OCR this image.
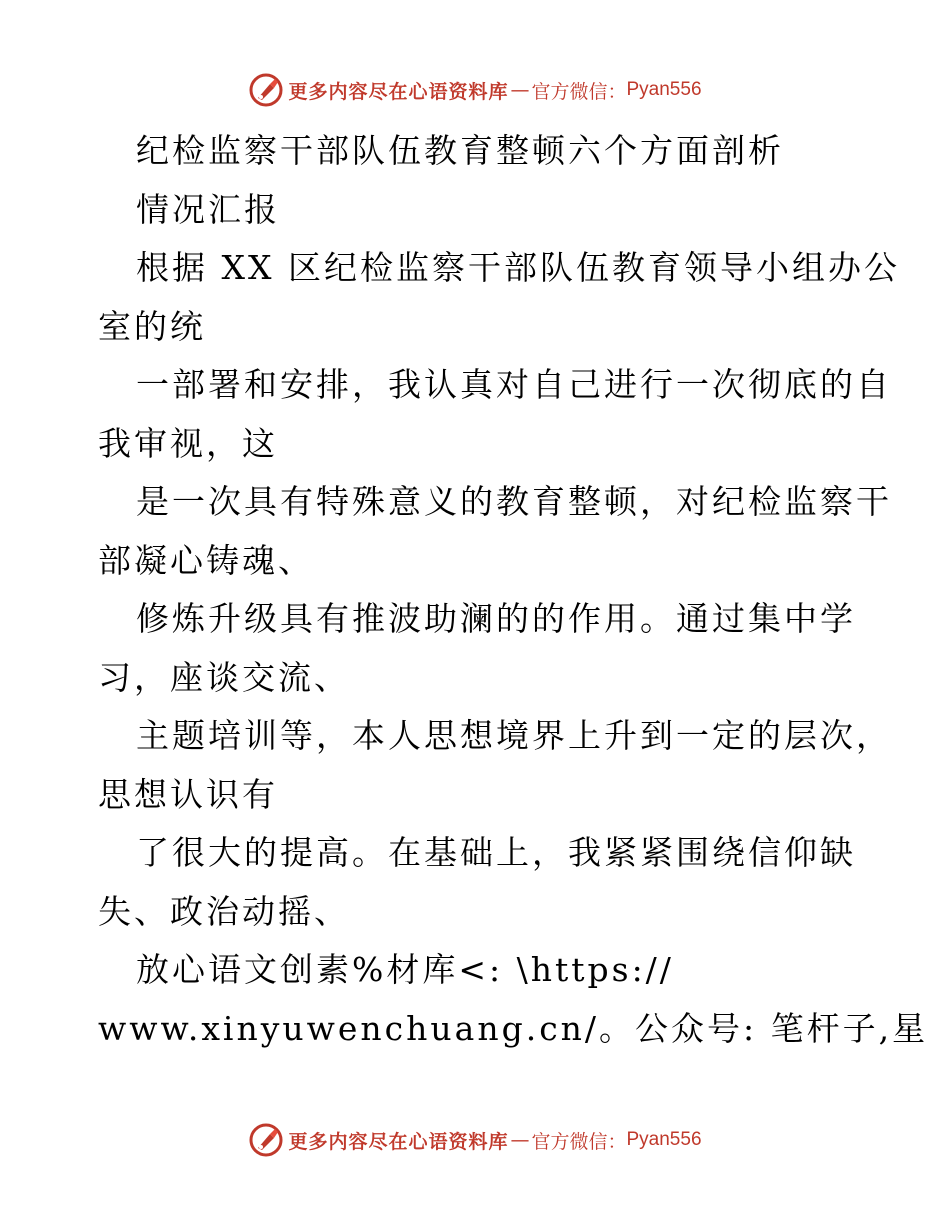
更多内容尽在心语资料库 — 官方微信： Pyan556
纪检监察干部队伍教育整顿六个方面剖析
情况汇报
根据 XX 区纪检监察干部队伍教育领导小组办公
室的统
一部署和安排，我认真对自己进行一次彻底的自
我审视，这
是一次具有特殊意义的教育整顿，对纪检监察干
部凝心铸魂、
修炼升级具有推波助澜的的作用。通过集中学
习，座谈交流、
主题培训等，本人思想境界上升到一定的层次，
思想认识有
了很大的提高。在基础上，我紧紧围绕信仰缺
失、政治动摇、
放心语文创素%材库<: \https://
www.xinyuwenchuang.cn/。公众号: 笔杆子,星
更多内容尽在心语资料库 — 官方微信： Pyan556
